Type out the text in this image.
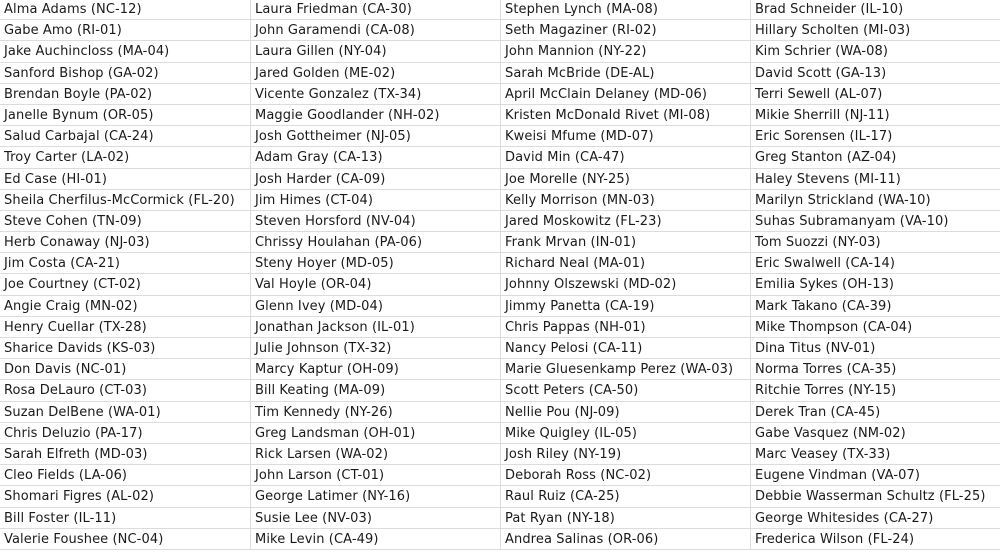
Alma Adams (NC-12)
Gabe Amo (RI-01)
Jake Auchincloss (MA-04)
Sanford Bishop (GA-02)
Brendan Boyle (PA-02)
Janelle Bynum (OR-05)
Salud Carbajal (CA-24)
Troy Carter (LA-02)
Ed Case (HI-01)
Sheila Cherfilus-McCormick (FL-20)
Steve Cohen (TN-09)
Herb Conaway (NJ-03)
Jim Costa (CA-21)
Joe Courtney (CT-02)
Angie Craig (MN-02)
Henry Cuellar (TX-28)
Sharice Davids (KS-03)
Don Davis (NC-01)
Rosa DeLauro (CT-03)
Suzan DelBene (WA-01)
Chris Deluzio (PA-17)
Sarah Elfreth (MD-03)
Cleo Fields (LA-06)
Shomari Figres (AL-02)
Bill Foster (IL-11)
Valerie Foushee (NC-04)
Laura Friedman (CA-30)
John Garamendi (CA-08)
Laura Gillen (NY-04)
Jared Golden (ME-02)
Vicente Gonzalez (TX-34)
Maggie Goodlander (NH-02)
Josh Gottheimer (NJ-05)
Adam Gray (CA-13)
Josh Harder (CA-09)
Jim Himes (CT-04)
Steven Horsford (NV-04)
Chrissy Houlahan (PA-06)
Steny Hoyer (MD-05)
Val Hoyle (OR-04)
Glenn Ivey (MD-04)
Jonathan Jackson (IL-01)
Julie Johnson (TX-32)
Marcy Kaptur (OH-09)
Bill Keating (MA-09)
Tim Kennedy (NY-26)
Greg Landsman (OH-01)
Rick Larsen (WA-02)
John Larson (CT-01)
George Latimer (NY-16)
Susie Lee (NV-03)
Mike Levin (CA-49)
Stephen Lynch (MA-08)
Seth Magaziner (RI-02)
John Mannion (NY-22)
Sarah McBride (DE-AL)
April McClain Delaney (MD-06)
Kristen McDonald Rivet (MI-08)
Kweisi Mfume (MD-07)
David Min (CA-47)
Joe Morelle (NY-25)
Kelly Morrison (MN-03)
Jared Moskowitz (FL-23)
Frank Mrvan (IN-01)
Richard Neal (MA-01)
Johnny Olszewski (MD-02)
Jimmy Panetta (CA-19)
Chris Pappas (NH-01)
Nancy Pelosi (CA-11)
Marie Gluesenkamp Perez (WA-03)
Scott Peters (CA-50)
Nellie Pou (NJ-09)
Mike Quigley (IL-05)
Josh Riley (NY-19)
Deborah Ross (NC-02)
Raul Ruiz (CA-25)
Pat Ryan (NY-18)
Andrea Salinas (OR-06)
Brad Schneider (IL-10)
Hillary Scholten (MI-03)
Kim Schrier (WA-08)
David Scott (GA-13)
Terri Sewell (AL-07)
Mikie Sherrill (NJ-11)
Eric Sorensen (IL-17)
Greg Stanton (AZ-04)
Haley Stevens (MI-11)
Marilyn Strickland (WA-10)
Suhas Subramanyam (VA-10)
Tom Suozzi (NY-03)
Eric Swalwell (CA-14)
Emilia Sykes (OH-13)
Mark Takano (CA-39)
Mike Thompson (CA-04)
Dina Titus (NV-01)
Norma Torres (CA-35)
Ritchie Torres (NY-15)
Derek Tran (CA-45)
Gabe Vasquez (NM-02)
Marc Veasey (TX-33)
Eugene Vindman (VA-07)
Debbie Wasserman Schultz (FL-25)
George Whitesides (CA-27)
Frederica Wilson (FL-24)
